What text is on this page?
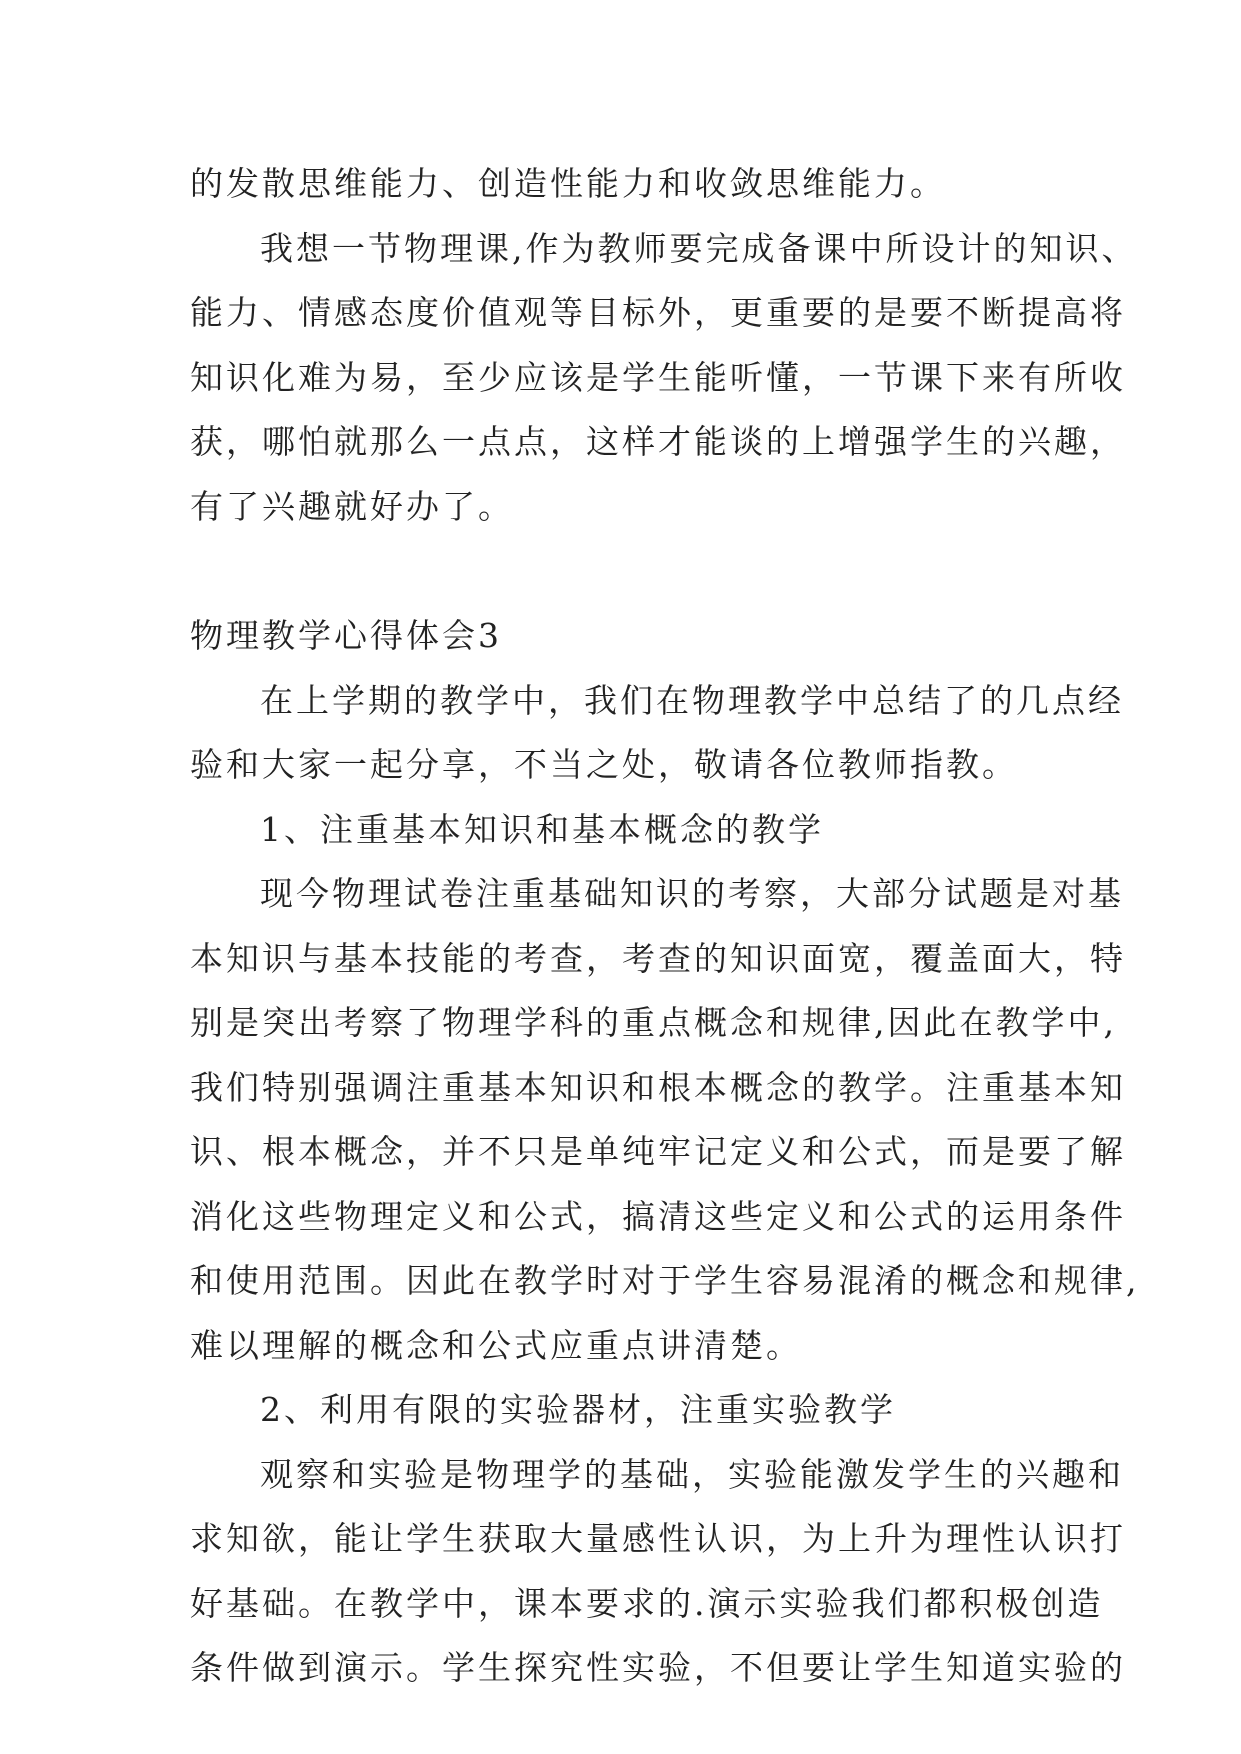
的发散思维能力、创造性能力和收敛思维能力。
我想一节物理课,作为教师要完成备课中所设计的知识、
能力、情感态度价值观等目标外，更重要的是要不断提高将
知识化难为易，至少应该是学生能听懂，一节课下来有所收
获，哪怕就那么一点点，这样才能谈的上增强学生的兴趣，
有了兴趣就好办了。
物理教学心得体会3
在上学期的教学中，我们在物理教学中总结了的几点经
验和大家一起分享，不当之处，敬请各位教师指教。
1、注重基本知识和基本概念的教学
现今物理试卷注重基础知识的考察，大部分试题是对基
本知识与基本技能的考查，考查的知识面宽，覆盖面大，特
别是突出考察了物理学科的重点概念和规律,因此在教学中,
我们特别强调注重基本知识和根本概念的教学。注重基本知
识、根本概念，并不只是单纯牢记定义和公式，而是要了解
消化这些物理定义和公式，搞清这些定义和公式的运用条件
和使用范围。因此在教学时对于学生容易混淆的概念和规律,
难以理解的概念和公式应重点讲清楚。
2、利用有限的实验器材，注重实验教学
观察和实验是物理学的基础，实验能激发学生的兴趣和
求知欲，能让学生获取大量感性认识，为上升为理性认识打
好基础。在教学中，课本要求的.演示实验我们都积极创造
条件做到演示。学生探究性实验，不但要让学生知道实验的
